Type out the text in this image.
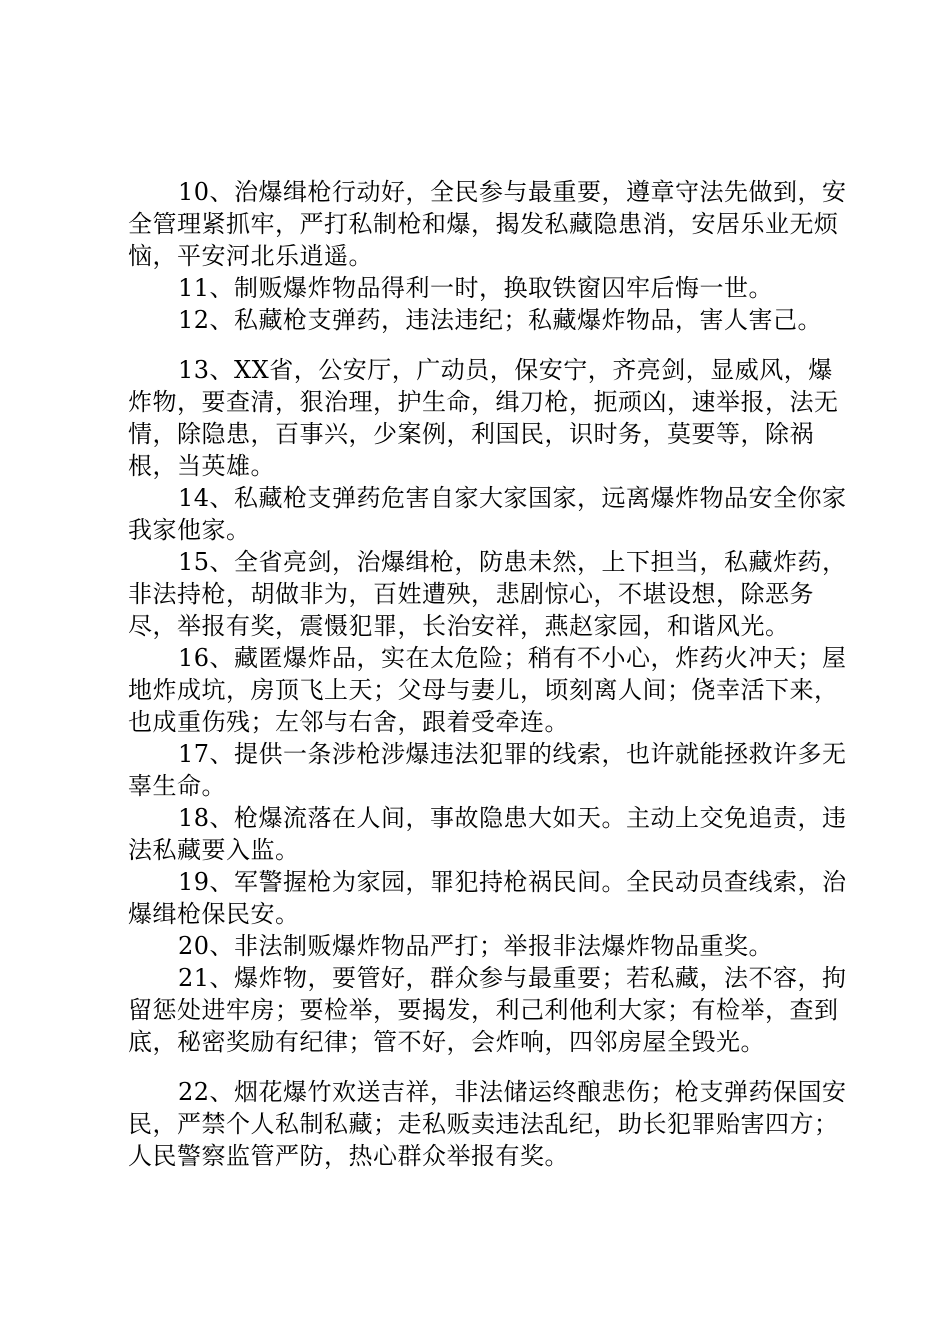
10、治爆缉枪行动好，全民参与最重要，遵章守法先做到，安全管理紧抓牢，严打私制枪和爆，揭发私藏隐患消，安居乐业无烦恼，平安河北乐逍遥。

11、制贩爆炸物品得利一时，换取铁窗囚牢后悔一世。

12、私藏枪支弹药，违法违纪；私藏爆炸物品，害人害己。

13、XX省，公安厅，广动员，保安宁，齐亮剑，显威风，爆炸物，要查清，狠治理，护生命，缉刀枪，扼顽凶，速举报，法无情，除隐患，百事兴，少案例，利国民，识时务，莫要等，除祸根，当英雄。

14、私藏枪支弹药危害自家大家国家，远离爆炸物品安全你家我家他家。

15、全省亮剑，治爆缉枪，防患未然，上下担当，私藏炸药，非法持枪，胡做非为，百姓遭殃，悲剧惊心，不堪设想，除恶务尽，举报有奖，震慑犯罪，长治安祥，燕赵家园，和谐风光。

16、藏匿爆炸品，实在太危险；稍有不小心，炸药火冲天；屋地炸成坑，房顶飞上天；父母与妻儿，顷刻离人间；侥幸活下来，也成重伤残；左邻与右舍，跟着受牵连。

17、提供一条涉枪涉爆违法犯罪的线索，也许就能拯救许多无辜生命。

18、枪爆流落在人间，事故隐患大如天。主动上交免追责，违法私藏要入监。

19、军警握枪为家园，罪犯持枪祸民间。全民动员查线索，治爆缉枪保民安。

20、非法制贩爆炸物品严打；举报非法爆炸物品重奖。

21、爆炸物，要管好，群众参与最重要；若私藏，法不容，拘留惩处进牢房；要检举，要揭发，利己利他利大家；有检举，查到底，秘密奖励有纪律；管不好，会炸响，四邻房屋全毁光。

22、烟花爆竹欢送吉祥，非法储运终酿悲伤；枪支弹药保国安民，严禁个人私制私藏；走私贩卖违法乱纪，助长犯罪贻害四方；人民警察监管严防，热心群众举报有奖。
